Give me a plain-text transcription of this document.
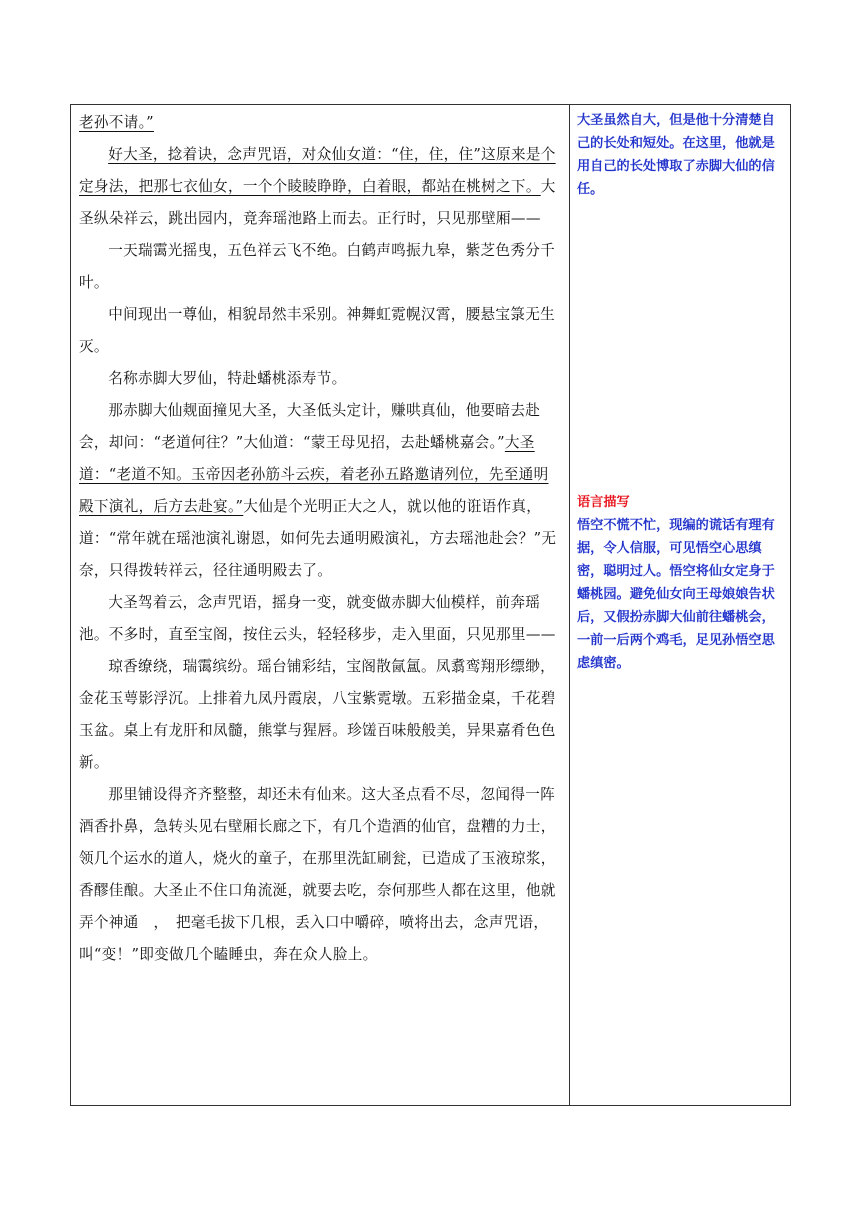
老孙不请。”

好大圣，捻着诀，念声咒语，对众仙女道：“住，住，住”这原来是个定身法，把那七衣仙女，一个个睖睖睁睁，白着眼，都站在桃树之下。大圣纵朵祥云，跳出园内，竟奔瑶池路上而去。正行时，只见那壁厢——

一天瑞霭光摇曳，五色祥云飞不绝。白鹤声鸣振九皋，紫芝色秀分千叶。

中间现出一尊仙，相貌昂然丰采别。神舞虹霓幌汉霄，腰悬宝箓无生灭。

名称赤脚大罗仙，特赴蟠桃添寿节。

那赤脚大仙觌面撞见大圣，大圣低头定计，赚哄真仙，他要暗去赴会，却问：“老道何往？”大仙道：“蒙王母见招，去赴蟠桃嘉会。”大圣道：“老道不知。玉帝因老孙筋斗云疾，着老孙五路邀请列位，先至通明殿下演礼，后方去赴宴。”大仙是个光明正大之人，就以他的诳语作真，道：“常年就在瑶池演礼谢恩，如何先去通明殿演礼，方去瑶池赴会？”无奈，只得拨转祥云，径往通明殿去了。

大圣驾着云，念声咒语，摇身一变，就变做赤脚大仙模样，前奔瑶池。不多时，直至宝阁，按住云头，轻轻移步，走入里面，只见那里——

琼香缭绕，瑞霭缤纷。瑶台铺彩结，宝阁散氤氲。凤翥鸾翔形缥缈，金花玉萼影浮沉。上排着九凤丹霞扆，八宝紫霓墩。五彩描金桌，千花碧玉盆。桌上有龙肝和凤髓，熊掌与猩唇。珍馐百味般般美，异果嘉肴色色新。

那里铺设得齐齐整整，却还未有仙来。这大圣点看不尽，忽闻得一阵酒香扑鼻，急转头见右壁厢长廊之下，有几个造酒的仙官，盘糟的力士，领几个运水的道人，烧火的童子，在那里洗缸刷瓮，已造成了玉液琼浆，香醪佳酿。大圣止不住口角流涎，就要去吃，奈何那些人都在这里，他就弄个神通　，　把毫毛拔下几根，丢入口中嚼碎，喷将出去，念声咒语，叫“变！”即变做几个瞌睡虫，奔在众人脸上。

大圣虽然自大，但是他十分清楚自己的长处和短处。在这里，他就是用自己的长处博取了赤脚大仙的信任。

语言描写

悟空不慌不忙，现编的谎话有理有据，令人信服，可见悟空心思缜密，聪明过人。悟空将仙女定身于蟠桃园。避免仙女向王母娘娘告状后，又假扮赤脚大仙前往蟠桃会，一前一后两个鸡毛，足见孙悟空思虑缜密。
